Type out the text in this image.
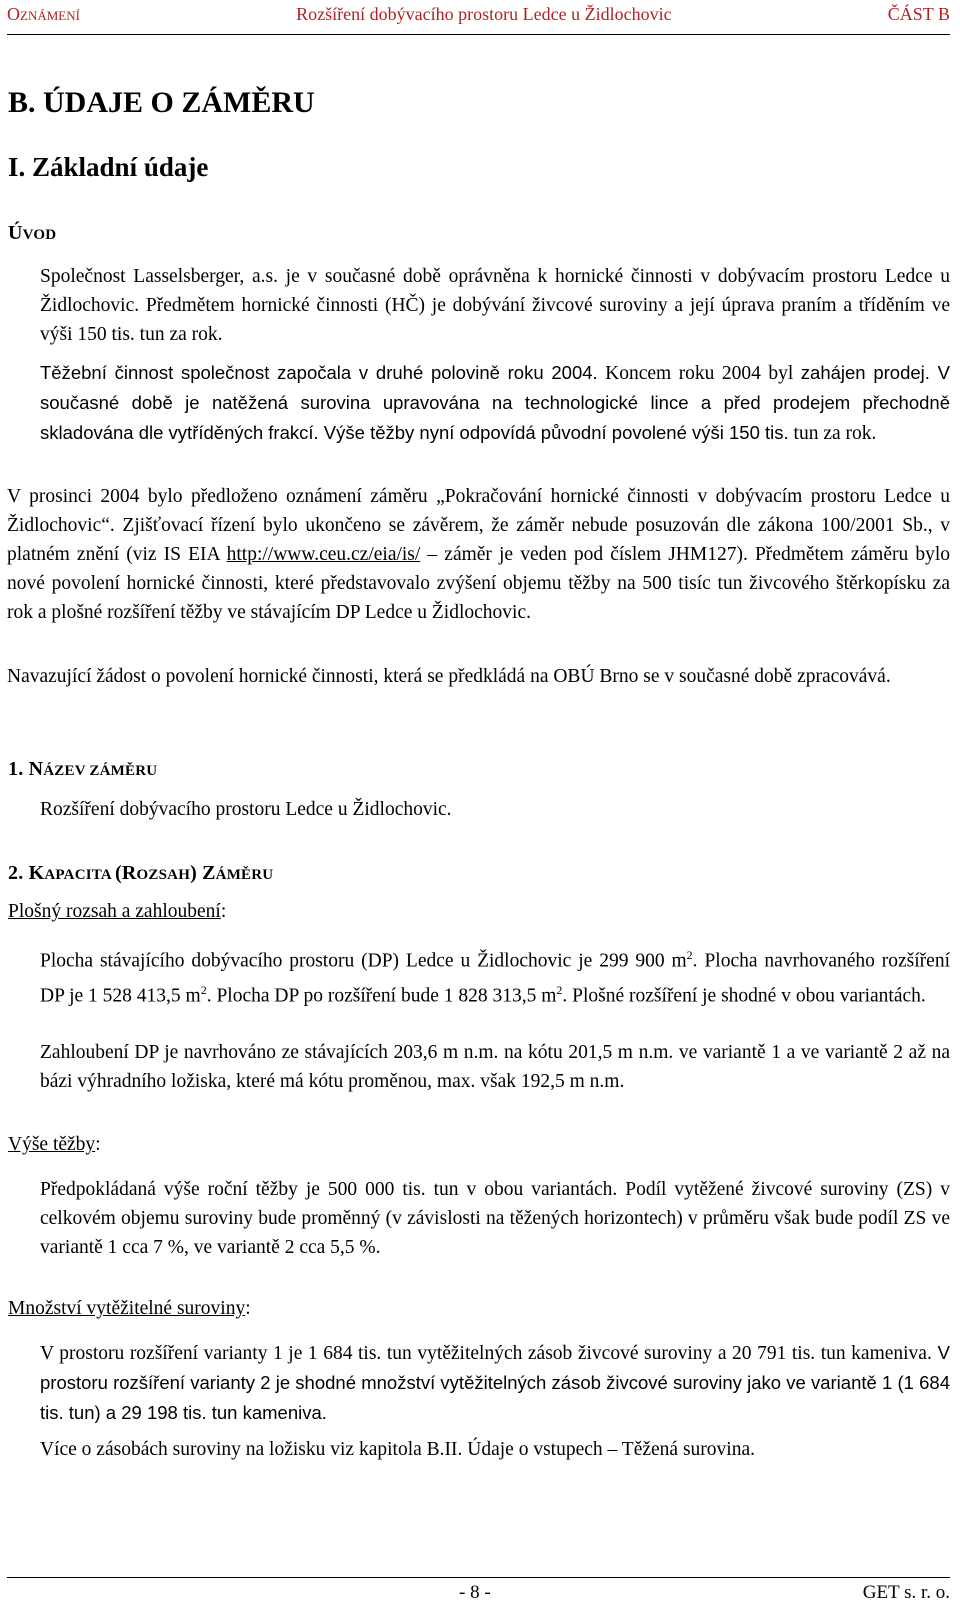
Oznámení	Rozšíření dobývacího prostoru Ledce u Židlochovic	ČÁST B
B. ÚDAJE O ZÁMĚRU
I. Základní údaje
ÚVOD
Společnost Lasselsberger, a.s. je v současné době oprávněna k hornické činnosti v dobývacím prostoru Ledce u Židlochovic. Předmětem hornické činnosti (HČ) je dobývání živcové suroviny a její úprava praním a tříděním ve výši 150 tis. tun za rok.
Těžební činnost společnost započala v druhé polovině roku 2004. Koncem roku 2004 byl zahájen prodej. V současné době je natěžená surovina upravována na technologické lince a před prodejem přechodně skladována dle vytříděných frakcí. Výše těžby nyní odpovídá původní povolené výši 150 tis. tun za rok.
V prosinci 2004 bylo předloženo oznámení záměru „Pokračování hornické činnosti v dobývacím prostoru Ledce u Židlochovic“. Zjišťovací řízení bylo ukončeno se závěrem, že záměr nebude posuzován dle zákona 100/2001 Sb., v platném znění (viz IS EIA http://www.ceu.cz/eia/is/ – záměr je veden pod číslem JHM127). Předmětem záměru bylo nové povolení hornické činnosti, které představovalo zvýšení objemu těžby na 500 tisíc tun živcového štěrkopísku za rok a plošné rozšíření těžby ve stávajícím DP Ledce u Židlochovic.
Navazující žádost o povolení hornické činnosti, která se předkládá na OBÚ Brno se v současné době zpracovává.
1. NÁZEV ZÁMĚRU
Rozšíření dobývacího prostoru Ledce u Židlochovic.
2. KAPACITA (ROZSAH) ZÁMĚRU
Plošný rozsah a zahloubení:
Plocha stávajícího dobývacího prostoru (DP) Ledce u Židlochovic je 299 900 $m^2$. Plocha navrhovaného rozšíření DP je 1 528 413,5 $m^2$. Plocha DP po rozšíření bude 1 828 313,5 $m^2$. Plošné rozšíření je shodné v obou variantách.
Zahloubení DP je navrhováno ze stávajících 203,6 m n.m. na kótu 201,5 m n.m. ve variantě 1 a ve variantě 2 až na bázi výhradního ložiska, které má kótu proměnou, max. však 192,5 m n.m.
Výše těžby:
Předpokládaná výše roční těžby je 500 000 tis. tun v obou variantách. Podíl vytěžené živcové suroviny (ZS) v celkovém objemu suroviny bude proměnný (v závislosti na těžených horizontech) v průměru však bude podíl ZS ve variantě 1 cca 7 %, ve variantě 2 cca 5,5 %.
Množství vytěžitelné suroviny:
V prostoru rozšíření varianty 1 je 1 684 tis. tun vytěžitelných zásob živcové suroviny a 20 791 tis. tun kameniva. V prostoru rozšíření varianty 2 je shodné množství vytěžitelných zásob živcové suroviny jako ve variantě 1 (1 684 tis. tun) a 29 198 tis. tun kameniva.
Více o zásobách suroviny na ložisku viz kapitola B.II. Údaje o vstupech – Těžená surovina.
- 8 -	GET s. r. o.
